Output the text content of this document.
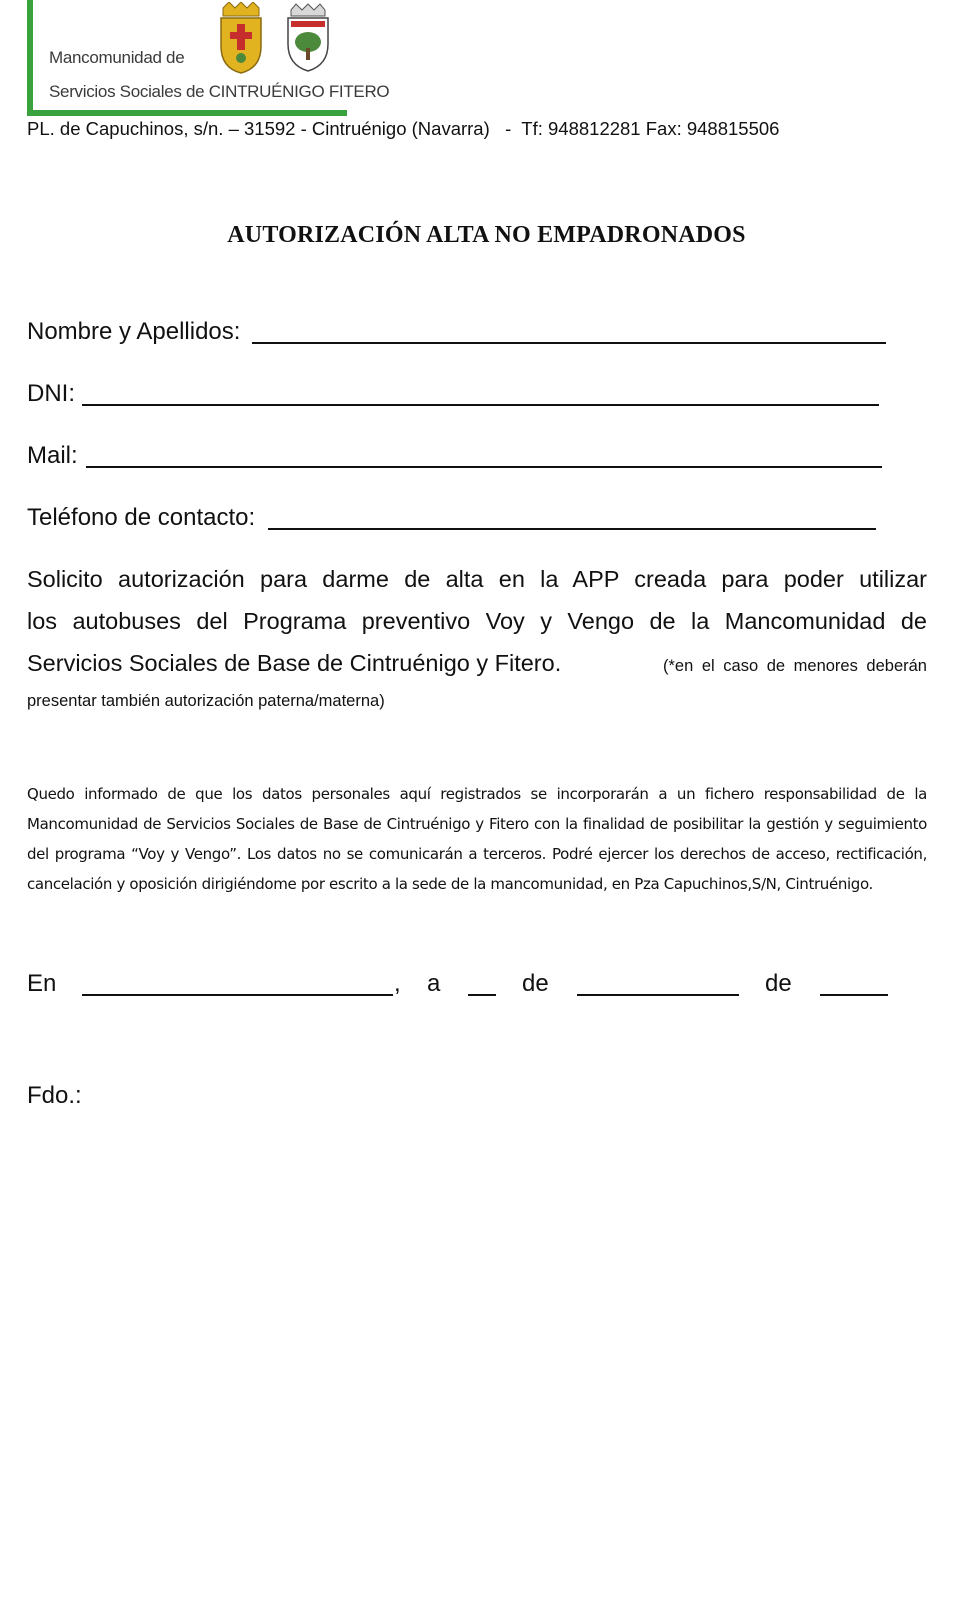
Mancomunidad de
Servicios Sociales de CINTRUÉNIGO FITERO
PL. de Capuchinos, s/n. – 31592 - Cintruénigo (Navarra)   -  Tf: 948812281 Fax: 948815506
AUTORIZACIÓN ALTA NO EMPADRONADOS
Nombre y Apellidos:
DNI:
Mail:
Teléfono de contacto:
Solicito autorización para darme de alta en la APP creada para poder utilizar
los autobuses del Programa preventivo Voy y Vengo de la Mancomunidad de
Servicios Sociales de Base de Cintruénigo y Fitero.	(*en el caso de menores deberán
presentar también autorización paterna/materna)
Quedo informado de que los datos personales aquí registrados se incorporarán a un fichero responsabilidad de la Mancomunidad de Servicios Sociales de Base de Cintruénigo y Fitero con la finalidad de posibilitar la gestión y seguimiento del programa “Voy y Vengo”. Los datos no se comunicarán a terceros. Podré ejercer los derechos de acceso, rectificación, cancelación y oposición dirigiéndome por escrito a la sede de la mancomunidad, en Pza Capuchinos,S/N, Cintruénigo.
En	, a	de	de
Fdo.:
